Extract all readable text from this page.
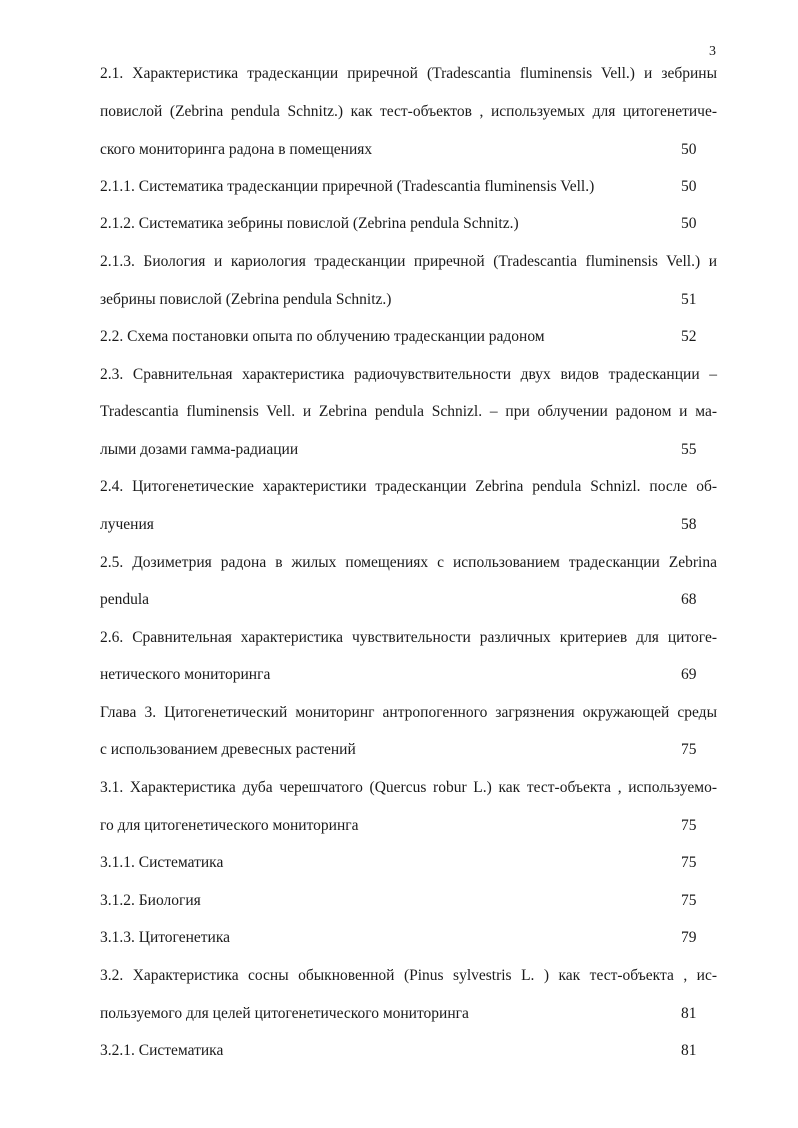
3
2.1. Характеристика традесканции приречной (Tradescantia fluminensis Vell.) и зебрины
повислой (Zebrina pendula Schnitz.) как тест-объектов , используемых для цитогенетиче-
ского мониторинга радона в помещениях	50
2.1.1. Систематика традесканции приречной (Tradescantia fluminensis Vell.)	50
2.1.2. Систематика зебрины повислой (Zebrina pendula Schnitz.)	50
2.1.3. Биология и кариология традесканции приречной (Tradescantia fluminensis Vell.) и
зебрины повислой (Zebrina pendula Schnitz.)	51
2.2. Схема постановки опыта по облучению традесканции радоном	52
2.3. Сравнительная характеристика радиочувствительности двух видов традесканции –
Tradescantia fluminensis Vell. и Zebrina pendula Schnizl. – при облучении радоном и ма-
лыми дозами гамма-радиации	55
2.4. Цитогенетические характеристики традесканции Zebrina pendula Schnizl. после об-
лучения	58
2.5. Дозиметрия радона в жилых помещениях с использованием традесканции Zebrina
pendula	68
2.6. Сравнительная характеристика чувствительности различных критериев для цитоге-
нетического мониторинга	69
Глава 3. Цитогенетический мониторинг антропогенного загрязнения окружающей среды
с использованием древесных растений	75
3.1. Характеристика дуба черешчатого (Quercus robur L.) как тест-объекта , используемо-
го для цитогенетического мониторинга	75
3.1.1. Систематика	75
3.1.2. Биология	75
3.1.3. Цитогенетика	79
3.2. Характеристика сосны обыкновенной (Pinus sylvestris L. ) как тест-объекта , ис-
пользуемого для целей цитогенетического мониторинга	81
3.2.1. Систематика	81
